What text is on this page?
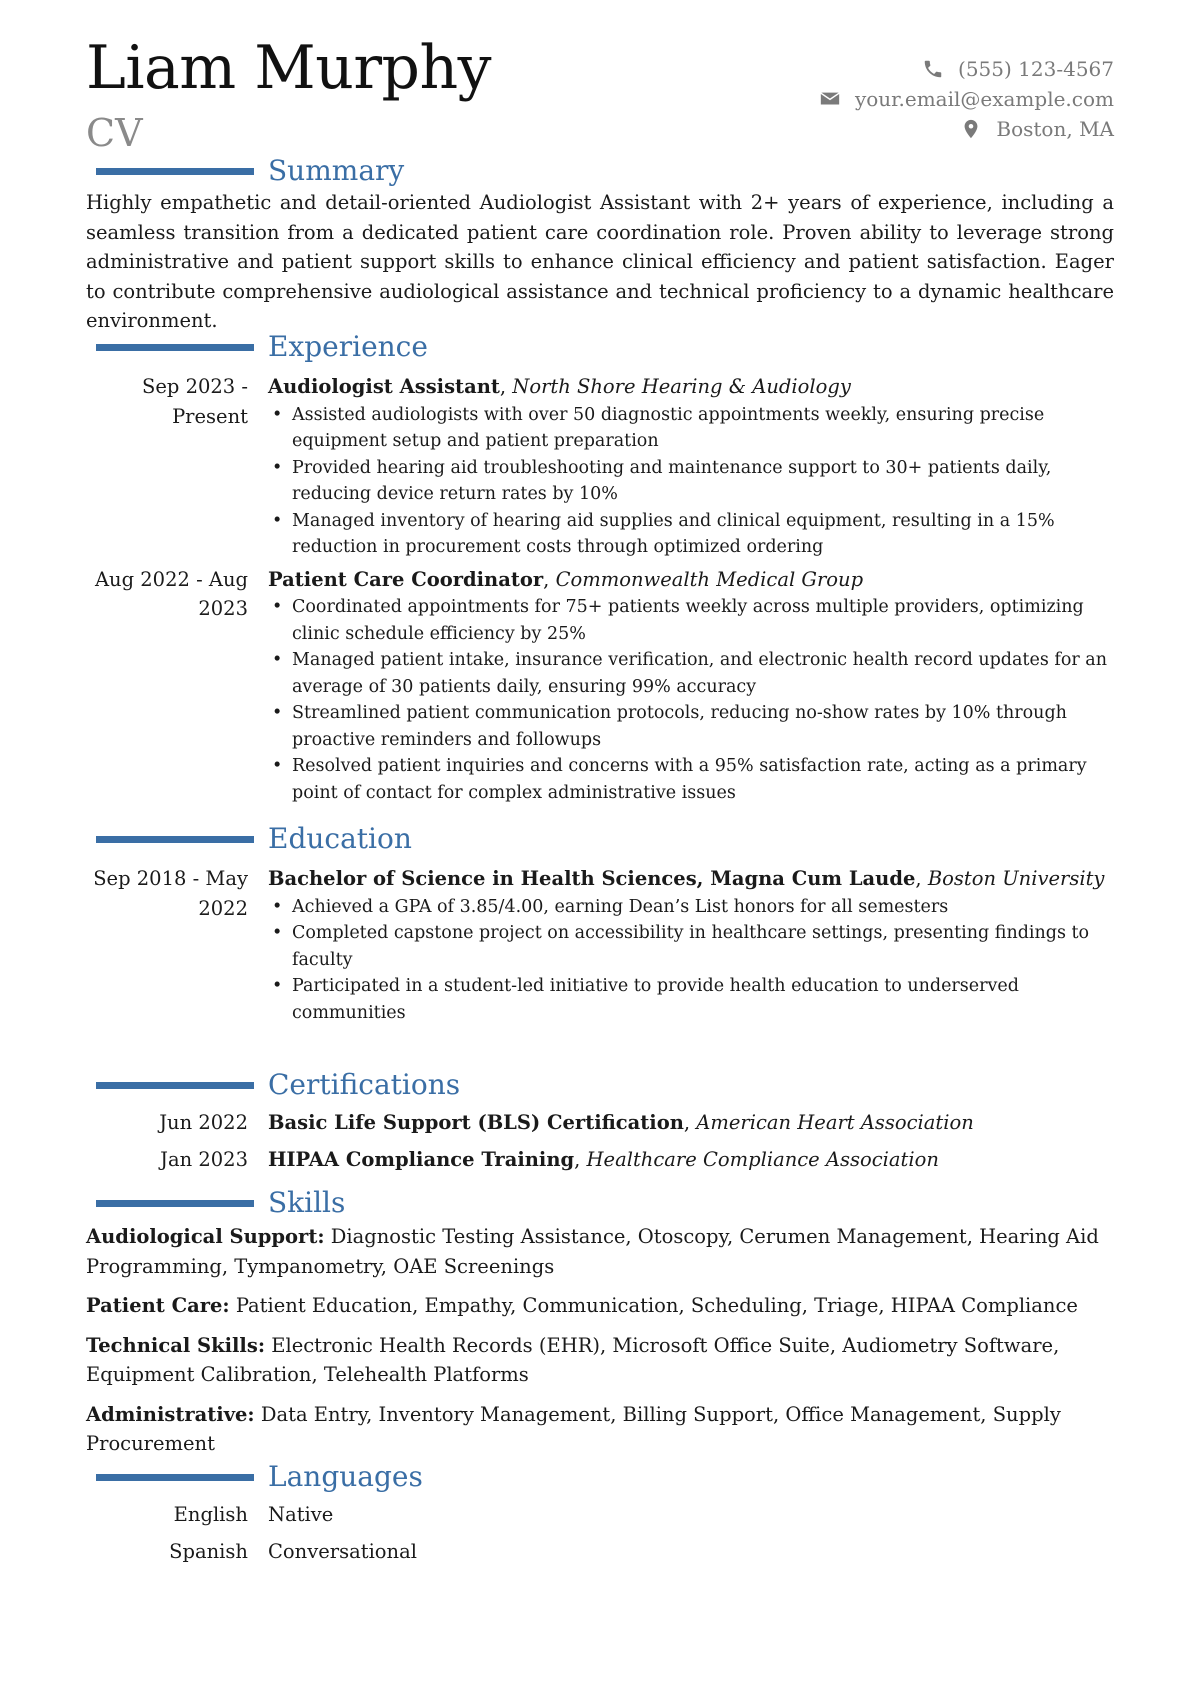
Liam Murphy
CV
(555) 123-4567
your.email@example.com
Boston, MA
Summary
Highly empathetic and detail-oriented Audiologist Assistant with 2+ years of experience, including a seamless transition from a dedicated patient care coordination role. Proven ability to leverage strong administrative and patient support skills to enhance clinical efficiency and patient satisfaction. Eager to contribute comprehensive audiological assistance and technical proficiency to a dynamic healthcare environment.
Experience
Sep 2023 - Present
Audiologist Assistant, North Shore Hearing & Audiology
• Assisted audiologists with over 50 diagnostic appointments weekly, ensuring precise equipment setup and patient preparation
• Provided hearing aid troubleshooting and maintenance support to 30+ patients daily, reducing device return rates by 10%
• Managed inventory of hearing aid supplies and clinical equipment, resulting in a 15% reduction in procurement costs through optimized ordering
Aug 2022 - Aug 2023
Patient Care Coordinator, Commonwealth Medical Group
• Coordinated appointments for 75+ patients weekly across multiple providers, optimizing clinic schedule efficiency by 25%
• Managed patient intake, insurance verification, and electronic health record updates for an average of 30 patients daily, ensuring 99% accuracy
• Streamlined patient communication protocols, reducing no-show rates by 10% through proactive reminders and followups
• Resolved patient inquiries and concerns with a 95% satisfaction rate, acting as a primary point of contact for complex administrative issues
Education
Sep 2018 - May 2022
Bachelor of Science in Health Sciences, Magna Cum Laude, Boston University
• Achieved a GPA of 3.85/4.00, earning Dean’s List honors for all semesters
• Completed capstone project on accessibility in healthcare settings, presenting findings to faculty
• Participated in a student-led initiative to provide health education to underserved communities
Certifications
Jun 2022	Basic Life Support (BLS) Certification, American Heart Association
Jan 2023	HIPAA Compliance Training, Healthcare Compliance Association
Skills
Audiological Support: Diagnostic Testing Assistance, Otoscopy, Cerumen Management, Hearing Aid Programming, Tympanometry, OAE Screenings
Patient Care: Patient Education, Empathy, Communication, Scheduling, Triage, HIPAA Compliance
Technical Skills: Electronic Health Records (EHR), Microsoft Office Suite, Audiometry Software, Equipment Calibration, Telehealth Platforms
Administrative: Data Entry, Inventory Management, Billing Support, Office Management, Supply Procurement
Languages
English	Native
Spanish	Conversational
